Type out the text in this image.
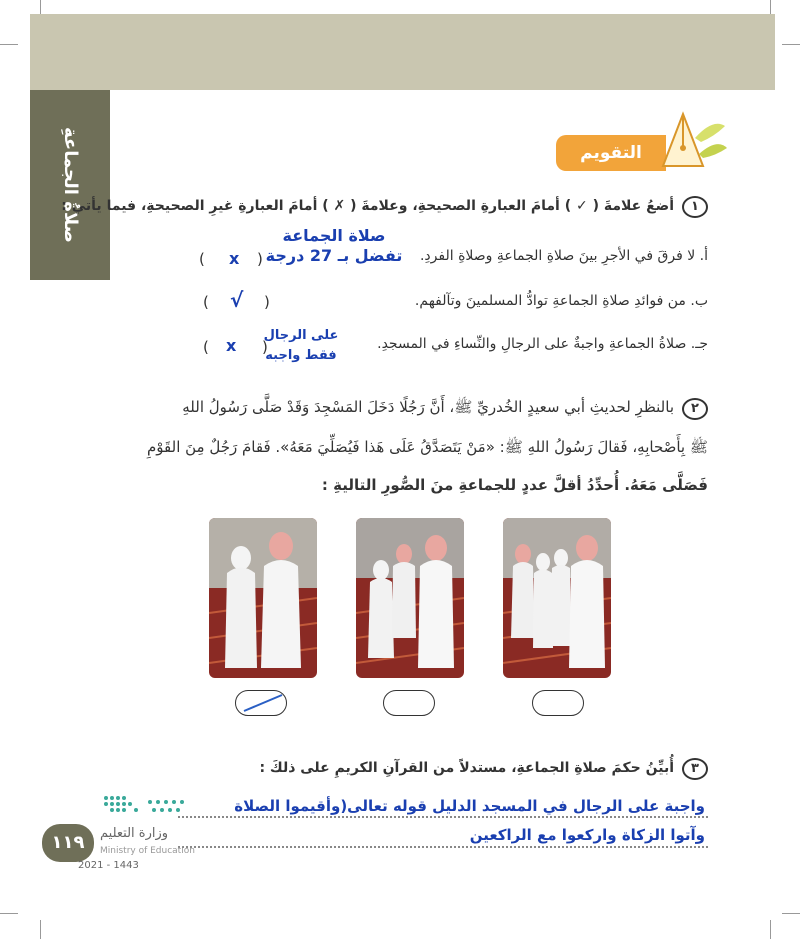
صلاةُ الجماعةِ	التقويم
١أضعُ علامةَ ( ✓ ) أمامَ العبارةِ الصحيحةِ، وعلامةَ ( ✗ ) أمامَ العبارةِ غيرِ الصحيحةِ، فيما يأتي :
أ. لا فرقَ في الأجرِ بينَ صلاةِ الجماعةِ وصلاةِ الفردِ.
(	)
x
صلاة الجماعة تفضل بـ 27 درجة
ب. من فوائدِ صلاةِ الجماعةِ توادُّ المسلمينَ وتآلفهم.
(	)
√
جـ. صلاةُ الجماعةِ واجبةٌ على الرجالِ والنِّساءِ في المسجدِ.
(	)
x
على الرجال فقط واجبه
٢بالنظرِ لحديثِ أبي سعيدٍ الخُدريِّ ﷺ، أَنَّ رَجُلًا دَخَلَ المَسْجِدَ وَقَدْ صَلَّى رَسُولُ اللهِ
ﷺ بِأَصْحابِهِ، فَقالَ رَسُولُ اللهِ ﷺ: «مَنْ يَتَصَدَّقُ عَلَى هَذا فَيُصَلِّيَ مَعَهُ». فَقامَ رَجُلٌ مِنَ القَوْمِ
فَصَلَّى مَعَهُ. أُحدِّدُ أقلَّ عددٍ للجماعةِ منَ الصُّورِ التاليةِ :
٣أُبيِّنُ حكمَ صلاةِ الجماعةِ، مستدلاً من القرآنِ الكريمِ على ذلكَ :
واجبة على الرجال في المسجد الدليل قوله تعالى(وأقيموا الصلاة
وآتوا الزكاة واركعوا مع الراكعين
١١٩	وزارة التعليم
Ministry of Education
2021 - 1443
